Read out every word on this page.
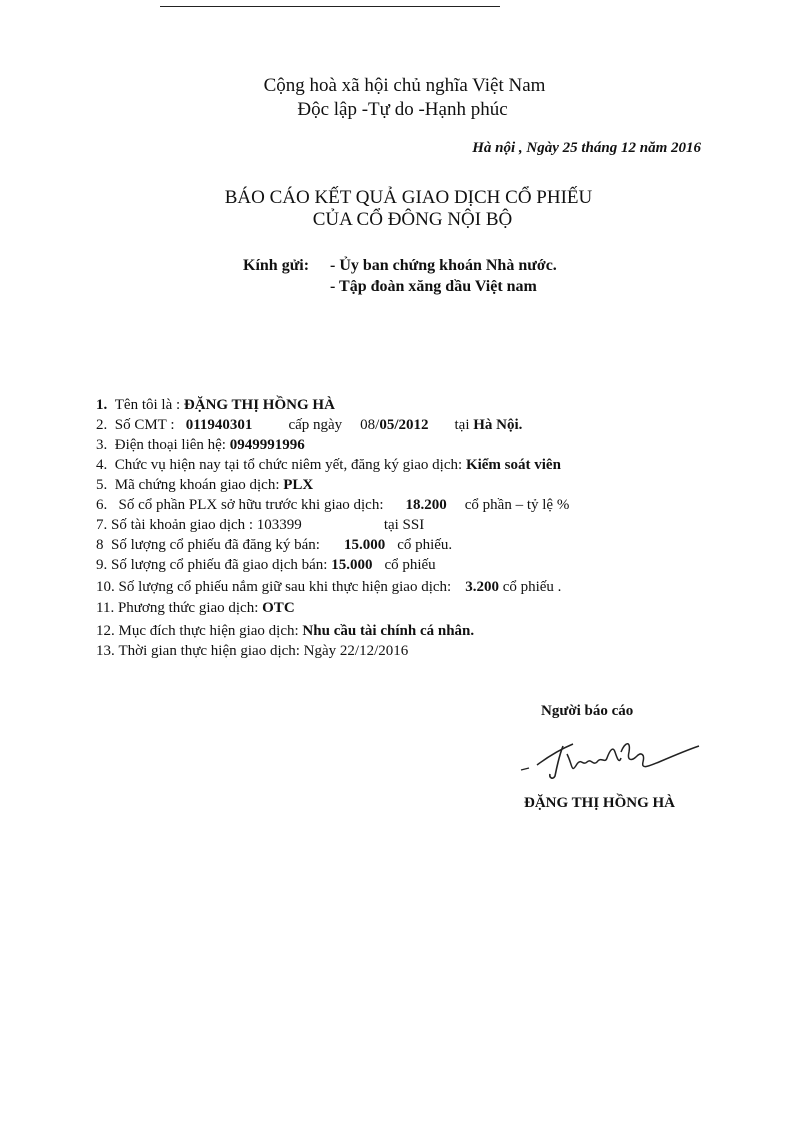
Cộng hoà xã hội chủ nghĩa Việt Nam
Độc lập -Tự do -Hạnh phúc
Hà nội , Ngày 25 tháng 12 năm 2016
BÁO CÁO KẾT QUẢ GIAO DỊCH CỔ PHIẾU
CỦA CỔ ĐÔNG NỘI BỘ
Kính gửi: - Ủy ban chứng khoán Nhà nước.
- Tập đoàn xăng dầu Việt nam
1. Tên tôi là : ĐẶNG THỊ HỒNG HÀ
2. Số CMT : 011940301 cấp ngày 08/05/2012 tại Hà Nội.
3. Điện thoại liên hệ: 0949991996
4. Chức vụ hiện nay tại tổ chức niêm yết, đăng ký giao dịch: Kiểm soát viên
5. Mã chứng khoán giao dịch: PLX
6. Số cổ phần PLX sở hữu trước khi giao dịch: 18.200 cổ phần – tỷ lệ %
7. Số tài khoản giao dịch : 103399	tại SSI
8 Số lượng cổ phiếu đã đăng ký bán: 15.000 cổ phiếu.
9. Số lượng cổ phiếu đã giao dịch bán: 15.000 cổ phiếu
10. Số lượng cổ phiếu nắm giữ sau khi thực hiện giao dịch: 3.200 cổ phiếu .
11. Phương thức giao dịch: OTC
12. Mục đích thực hiện giao dịch: Nhu cầu tài chính cá nhân.
13. Thời gian thực hiện giao dịch: Ngày 22/12/2016
Người báo cáo
ĐẶNG THỊ HỒNG HÀ
